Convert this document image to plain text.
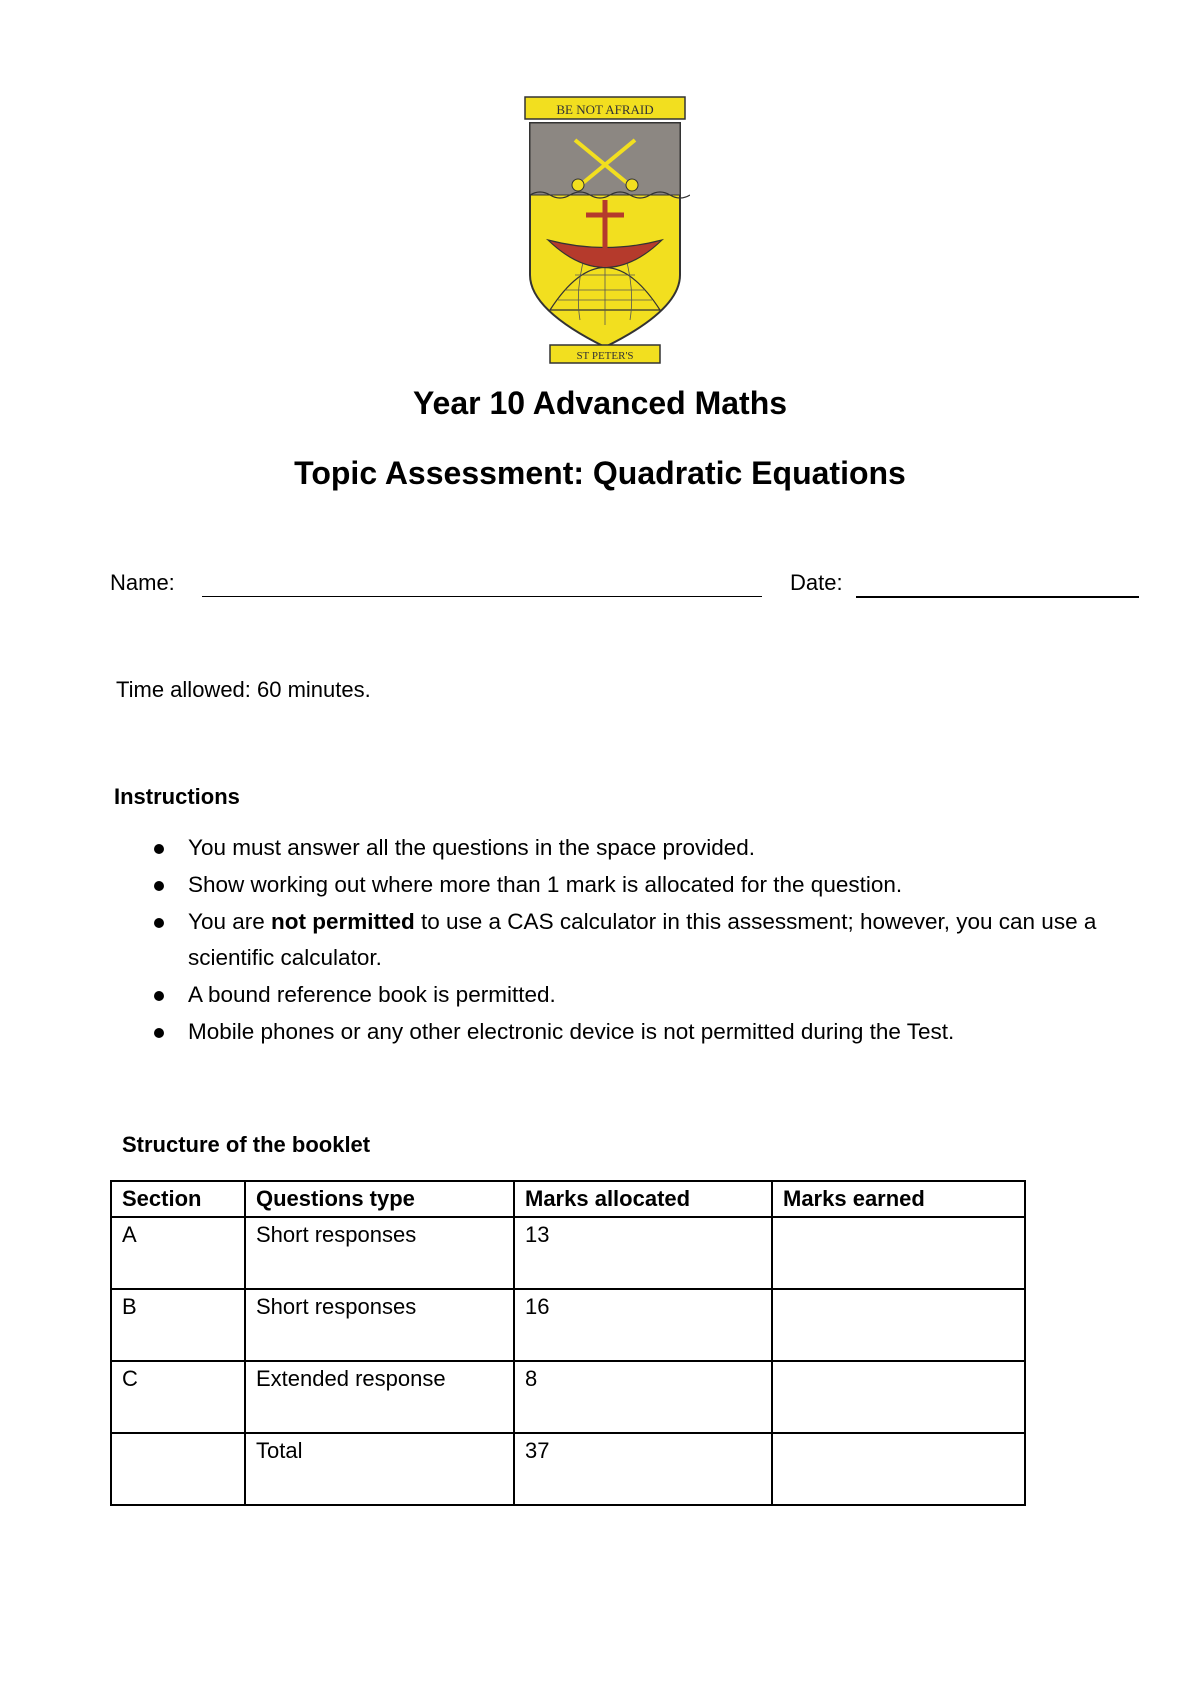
BE NOT AFRAID
ST PETER'S
Year 10 Advanced Maths
Topic Assessment: Quadratic Equations
Name:	Date:
Time allowed: 60 minutes.
Instructions
You must answer all the questions in the space provided.
Show working out where more than 1 mark is allocated for the question.
You are not permitted to use a CAS calculator in this assessment; however, you can use a scientific calculator.
A bound reference book is permitted.
Mobile phones or any other electronic device is not permitted during the Test.
Structure of the booklet
Section	Questions type	Marks allocated	Marks earned
A	Short responses	13	
B	Short responses	16	
C	Extended response	8	
	Total	37	
